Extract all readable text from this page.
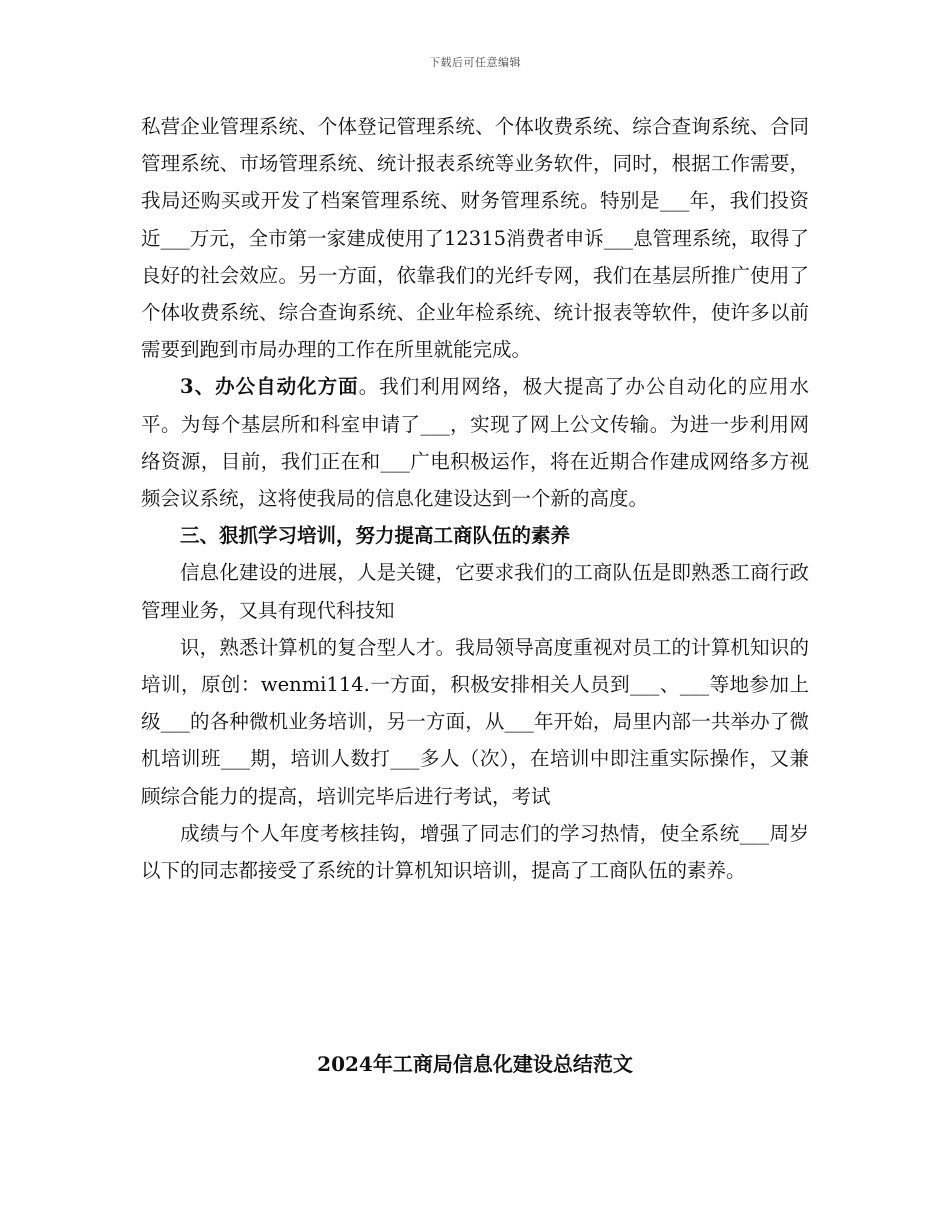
下载后可任意编辑

私营企业管理系统、个体登记管理系统、个体收费系统、综合查询系统、合同管理系统、市场管理系统、统计报表系统等业务软件，同时，根据工作需要，我局还购买或开发了档案管理系统、财务管理系统。特别是___年，我们投资近___万元，全市第一家建成使用了12315消费者申诉___息管理系统，取得了良好的社会效应。另一方面，依靠我们的光纤专网，我们在基层所推广使用了个体收费系统、综合查询系统、企业年检系统、统计报表等软件，使许多以前需要到跑到市局办理的工作在所里就能完成。

3、办公自动化方面。我们利用网络，极大提高了办公自动化的应用水平。为每个基层所和科室申请了___，实现了网上公文传输。为进一步利用网络资源，目前，我们正在和___广电积极运作，将在近期合作建成网络多方视频会议系统，这将使我局的信息化建设达到一个新的高度。

三、狠抓学习培训，努力提高工商队伍的素养

信息化建设的进展，人是关键，它要求我们的工商队伍是即熟悉工商行政管理业务，又具有现代科技知

识，熟悉计算机的复合型人才。我局领导高度重视对员工的计算机知识的培训，原创：wenmi114.一方面，积极安排相关人员到___、___等地参加上级___的各种微机业务培训，另一方面，从___年开始，局里内部一共举办了微机培训班___期，培训人数打___多人（次），在培训中即注重实际操作，又兼顾综合能力的提高，培训完毕后进行考试，考试

成绩与个人年度考核挂钩，增强了同志们的学习热情，使全系统___周岁以下的同志都接受了系统的计算机知识培训，提高了工商队伍的素养。

2024年工商局信息化建设总结范文
